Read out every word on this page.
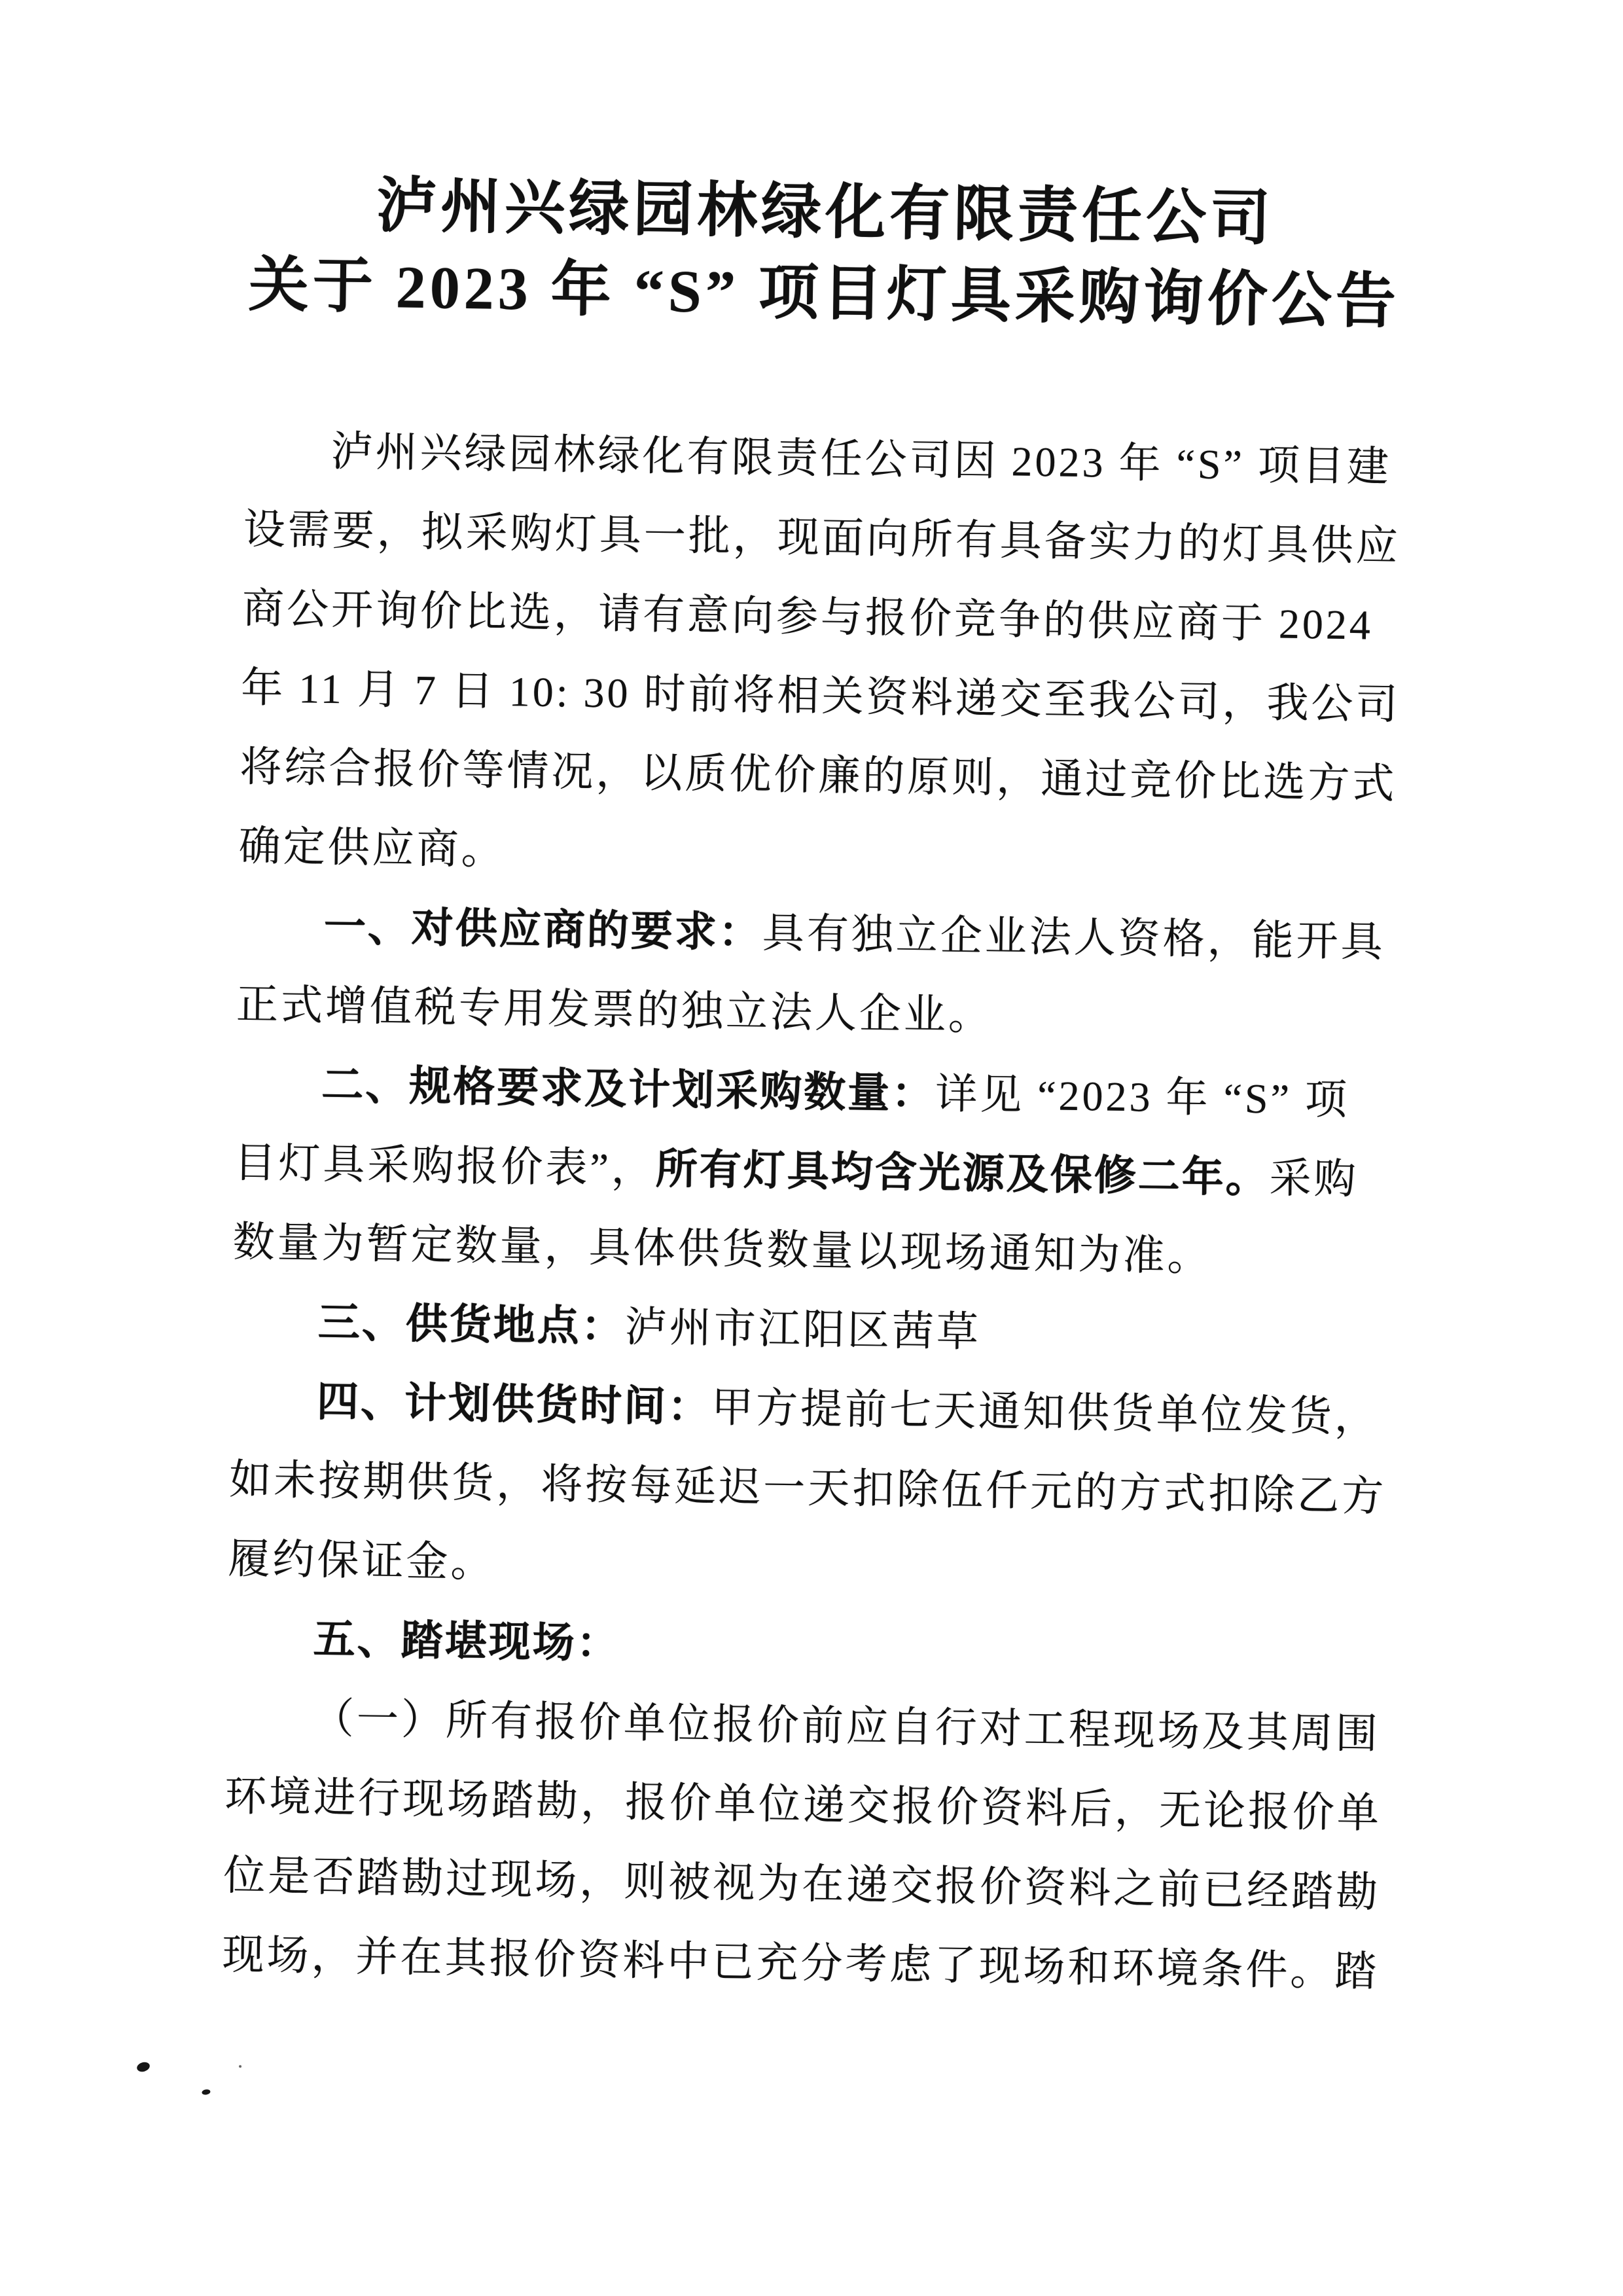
泸州兴绿园林绿化有限责任公司
关于 2023 年 “S” 项目灯具采购询价公告
泸州兴绿园林绿化有限责任公司因 2023 年 “S” 项目建
设需要，拟采购灯具一批，现面向所有具备实力的灯具供应
商公开询价比选，请有意向参与报价竞争的供应商于 2024
年 11 月 7 日 10: 30 时前将相关资料递交至我公司，我公司
将综合报价等情况，以质优价廉的原则，通过竞价比选方式
确定供应商。
一、对供应商的要求：具有独立企业法人资格，能开具
正式增值税专用发票的独立法人企业。
二、规格要求及计划采购数量：详见 “2023 年 “S” 项
目灯具采购报价表”，所有灯具均含光源及保修二年。采购
数量为暂定数量，具体供货数量以现场通知为准。
三、供货地点：泸州市江阳区茜草
四、计划供货时间：甲方提前七天通知供货单位发货，
如未按期供货，将按每延迟一天扣除伍仟元的方式扣除乙方
履约保证金。
五、踏堪现场：
（一）所有报价单位报价前应自行对工程现场及其周围
环境进行现场踏勘，报价单位递交报价资料后，无论报价单
位是否踏勘过现场，则被视为在递交报价资料之前已经踏勘
现场，并在其报价资料中已充分考虑了现场和环境条件。踏
